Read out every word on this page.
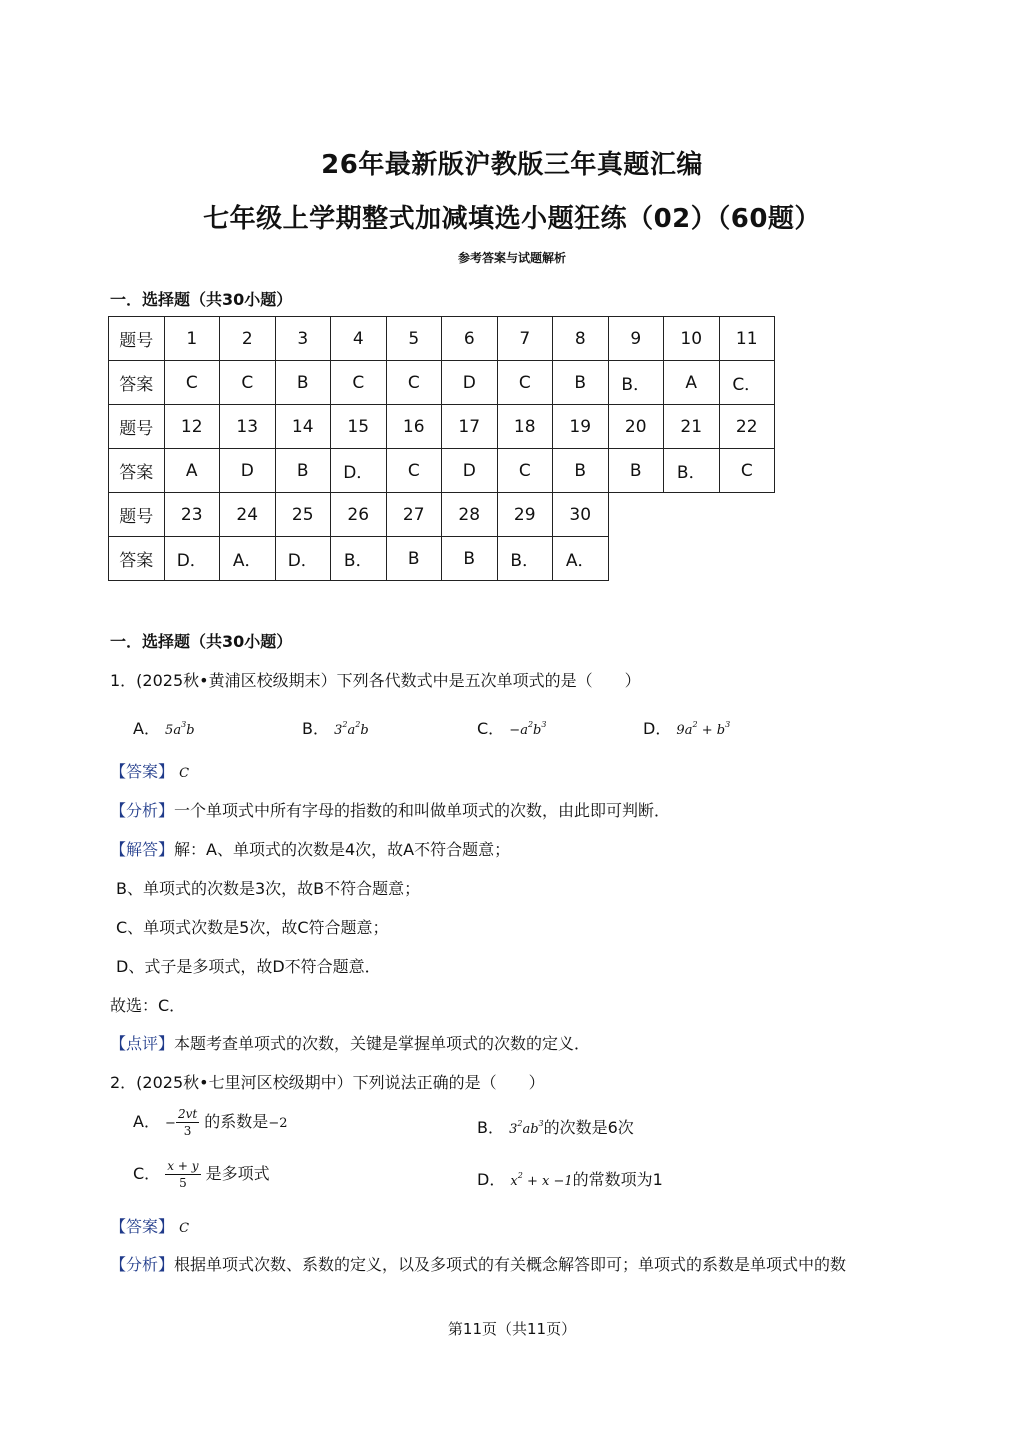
26年最新版沪教版三年真题汇编
七年级上学期整式加减填选小题狂练（02）（60题）
参考答案与试题解析
一．选择题（共30小题）
题号	1	2	3	4	5	6	7	8	9	10	11
答案	C	C	B	C	C	D	C	B	B．	A	C．
题号	12	13	14	15	16	17	18	19	20	21	22
答案	A	D	B	D．	C	D	C	B	B	B．	C
题号	23	24	25	26	27	28	29	30			
答案	D．	A．	D．	B．	B	B	B．	A．			
一．选择题（共30小题）
1．(2025秋•黄浦区校级期末）下列各代数式中是五次单项式的是（　　）
A． $5a^3b$	B． $3^2a^2b$	C． $-a^2b^3$	D． $9a^2 + b^3$
【答案】 C
【分析】一个单项式中所有字母的指数的和叫做单项式的次数，由此即可判断．
【解答】解：A、单项式的次数是4次，故A不符合题意；
B、单项式的次数是3次，故B不符合题意；
C、单项式次数是5次，故C符合题意；
D、式子是多项式，故D不符合题意．
故选：C．
【点评】本题考查单项式的次数，关键是掌握单项式的次数的定义．
2．(2025秋•七里河区校级期中）下列说法正确的是（　　）
A． − $\frac{2vt}{3}$ 的系数是−2	B． $3^2ab^3$的次数是6次
C． $\frac{x + y}{5}$ 是多项式	D． $x^2 + x -1$的常数项为1
【答案】 C
【分析】根据单项式次数、系数的定义，以及多项式的有关概念解答即可；单项式的系数是单项式中的数
第11页（共11页）
